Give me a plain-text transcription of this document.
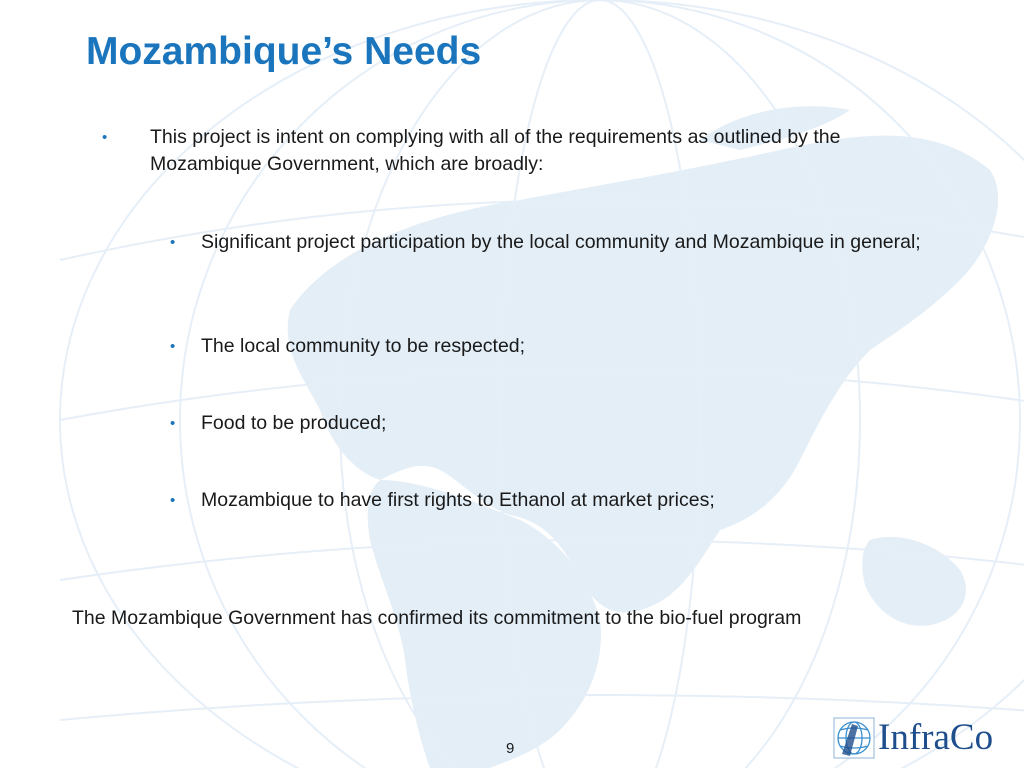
Mozambique’s Needs
• This project is intent on complying with all of the requirements as outlined by the Mozambique Government, which are broadly:
• Significant project participation by the local community and Mozambique in general;
• The local community to be respected;
• Food to be produced;
• Mozambique to have first rights to Ethanol at market prices;
The Mozambique Government has confirmed its commitment to the bio-fuel program
9	InfraCo
